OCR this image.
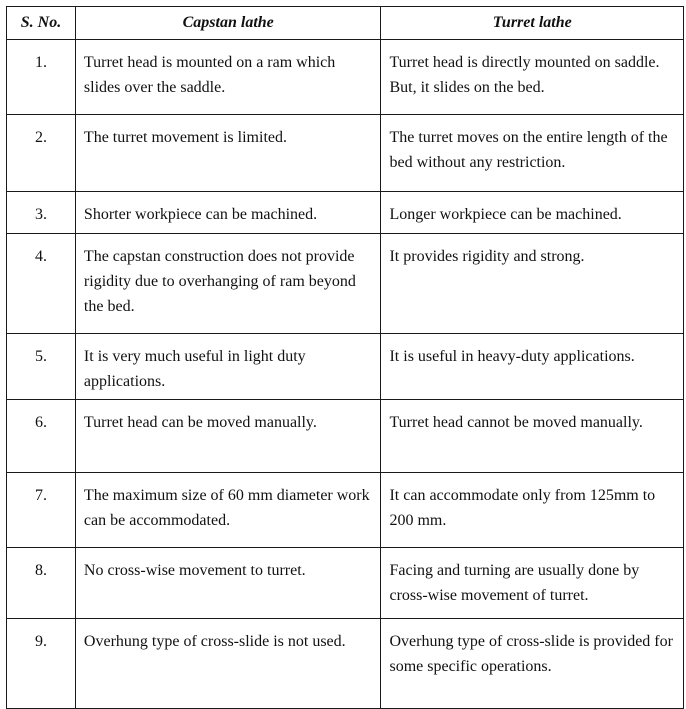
S. No.	Capstan lathe	Turret lathe
1.	Turret head is mounted on a ram which slides over the saddle.	Turret head is directly mounted on saddle. But, it slides on the bed.
2.	The turret movement is limited.	The turret moves on the entire length of the bed without any restriction.
3.	Shorter workpiece can be machined.	Longer workpiece can be machined.
4.	The capstan construction does not provide rigidity due to overhanging of ram beyond the bed.	It provides rigidity and strong.
5.	It is very much useful in light duty applications.	It is useful in heavy-duty applications.
6.	Turret head can be moved manually.	Turret head cannot be moved manually.
7.	The maximum size of 60 mm diameter work can be accommodated.	It can accommodate only from 125mm to 200 mm.
8.	No cross-wise movement to turret.	Facing and turning are usually done by cross-wise movement of turret.
9.	Overhung type of cross-slide is not used.	Overhung type of cross-slide is provided for some specific operations.
